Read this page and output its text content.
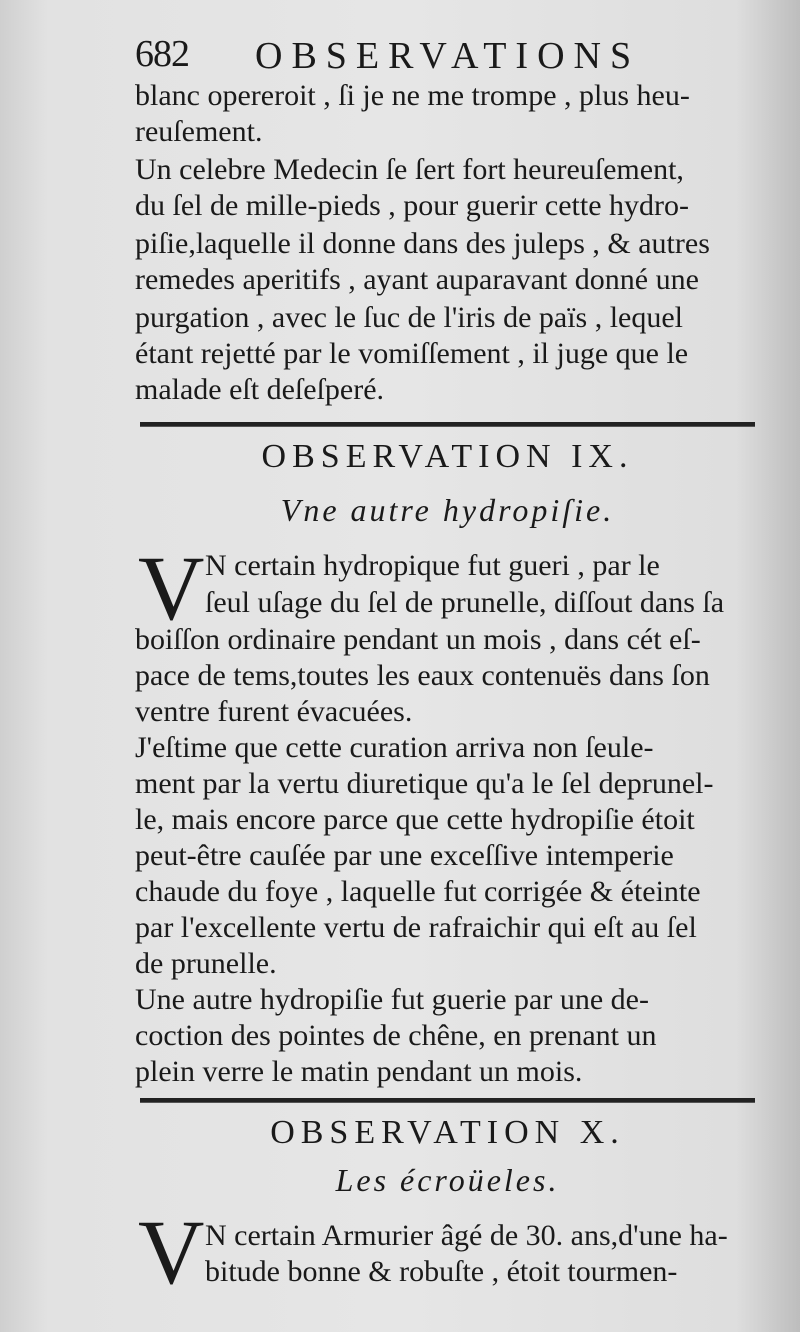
682 OBSERVATIONS
blanc opereroit , ſi je ne me trompe , plus heu-
reuſement.
Un celebre Medecin ſe ſert fort heureuſement,
du ſel de mille-pieds , pour guerir cette hydro-
piſie,laquelle il donne dans des juleps , & autres
remedes aperitifs , ayant auparavant donné une
purgation , avec le ſuc de l'iris de païs , lequel
étant rejetté par le vomiſſement , il juge que le
malade eſt deſeſperé.
OBSERVATION IX.
Vne autre hydropiſie.
V N certain hydropique fut gueri , par le
ſeul uſage du ſel de prunelle, diſſout dans ſa
boiſſon ordinaire pendant un mois , dans cét eſ-
pace de tems,toutes les eaux contenuës dans ſon
ventre furent évacuées.
J'eſtime que cette curation arriva non ſeule-
ment par la vertu diuretique qu'a le ſel deprunel-
le, mais encore parce que cette hydropiſie étoit
peut-être cauſée par une exceſſive intemperie
chaude du foye , laquelle fut corrigée & éteinte
par l'excellente vertu de rafraichir qui eſt au ſel
de prunelle.
Une autre hydropiſie fut guerie par une de-
coction des pointes de chêne, en prenant un
plein verre le matin pendant un mois.
OBSERVATION X.
Les écroüeles.
V N certain Armurier âgé de 30. ans,d'une ha-
bitude bonne & robuſte , étoit tourmen-
